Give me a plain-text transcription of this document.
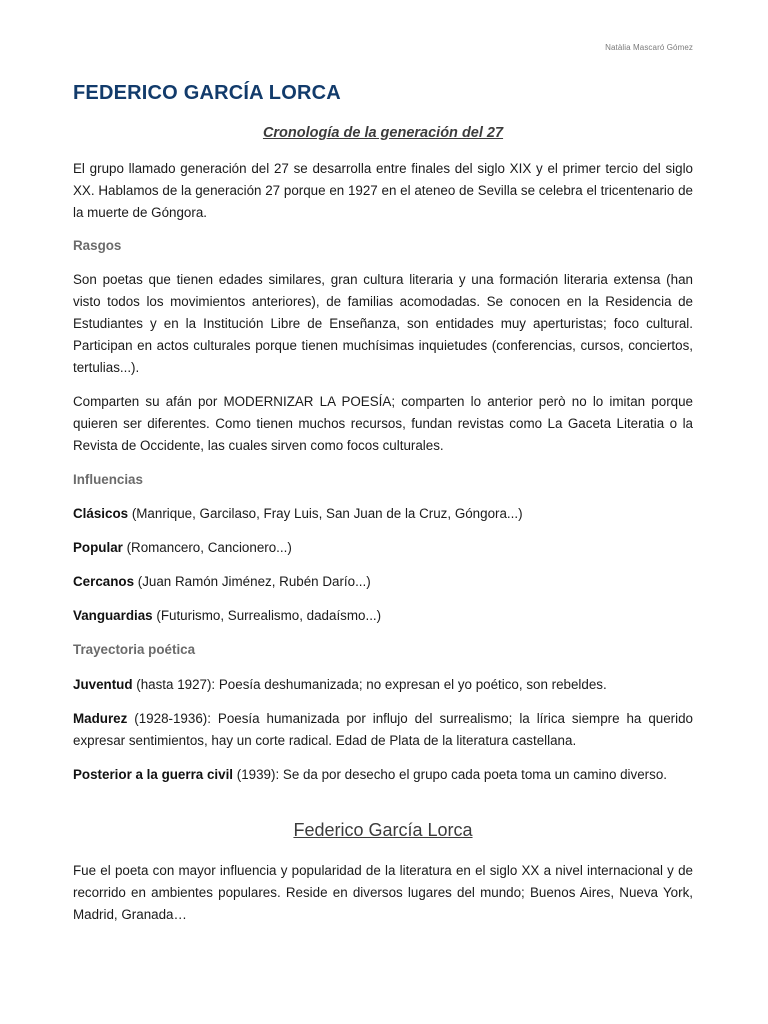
Natàlia Mascaró Gómez
FEDERICO GARCÍA LORCA
Cronología de la generación del 27

El grupo llamado generación del 27 se desarrolla entre finales del siglo XIX y el primer tercio del siglo XX. Hablamos de la generación 27 porque en 1927 en el ateneo de Sevilla se celebra el tricentenario de la muerte de Góngora.

Rasgos

Son poetas que tienen edades similares, gran cultura literaria y una formación literaria extensa (han visto todos los movimientos anteriores), de familias acomodadas. Se conocen en la Residencia de Estudiantes y en la Institución Libre de Enseñanza, son entidades muy aperturistas; foco cultural. Participan en actos culturales porque tienen muchísimas inquietudes (conferencias, cursos, conciertos, tertulias...).

Comparten su afán por MODERNIZAR LA POESÍA; comparten lo anterior però no lo imitan porque quieren ser diferentes. Como tienen muchos recursos, fundan revistas como La Gaceta Literatia o la Revista de Occidente, las cuales sirven como focos culturales.

Influencias

Clásicos (Manrique, Garcilaso, Fray Luis, San Juan de la Cruz, Góngora...)

Popular (Romancero, Cancionero...)

Cercanos (Juan Ramón Jiménez, Rubén Darío...)

Vanguardias (Futurismo, Surrealismo, dadaísmo...)

Trayectoria poética

Juventud (hasta 1927): Poesía deshumanizada; no expresan el yo poético, son rebeldes.

Madurez (1928-1936): Poesía humanizada por influjo del surrealismo; la lírica siempre ha querido expresar sentimientos, hay un corte radical. Edad de Plata de la literatura castellana.

Posterior a la guerra civil (1939): Se da por desecho el grupo cada poeta toma un camino diverso.

Federico García Lorca

Fue el poeta con mayor influencia y popularidad de la literatura en el siglo XX a nivel internacional y de recorrido en ambientes populares. Reside en diversos lugares del mundo; Buenos Aires, Nueva York, Madrid, Granada…
